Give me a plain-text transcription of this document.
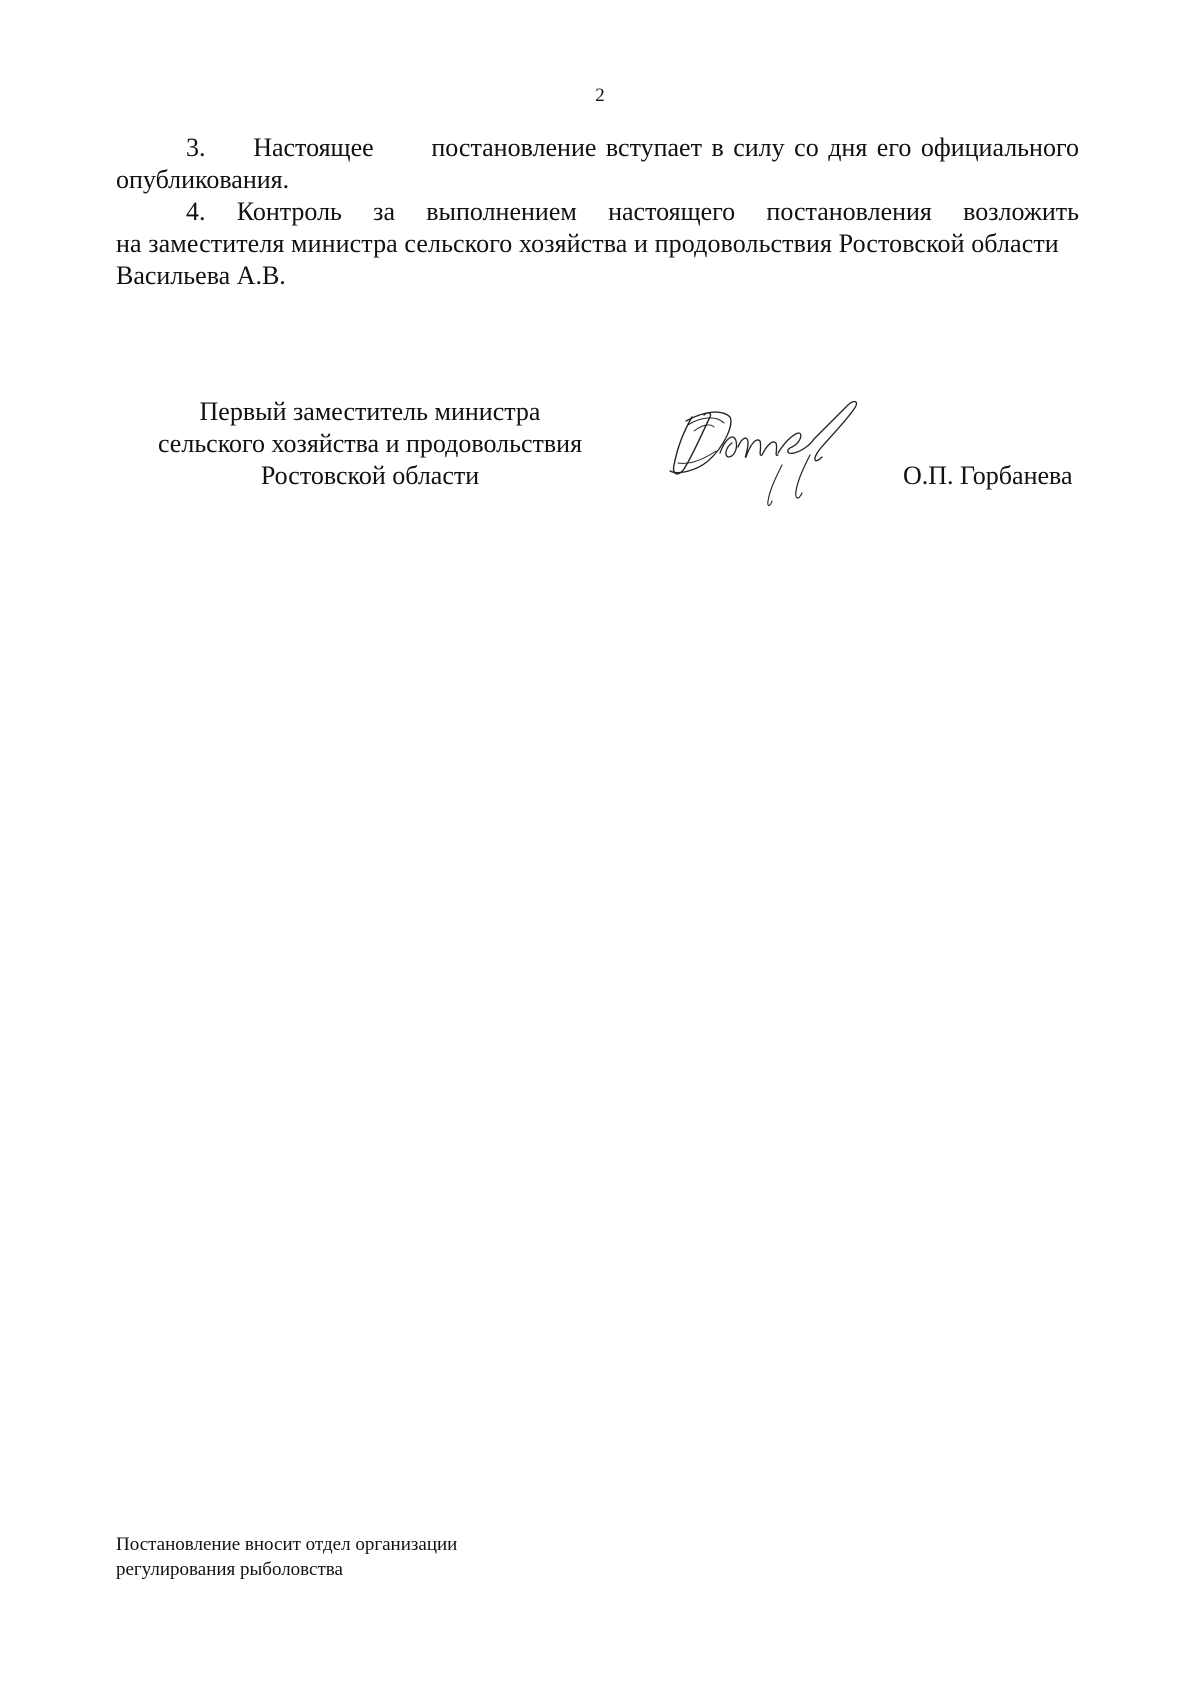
2
3. Настоящее постановление вступает в силу со дня его официального
опубликования.
4. Контроль за выполнением настоящего постановления возложить
на заместителя министра сельского хозяйства и продовольствия Ростовской области
Васильева А.В.
Первый заместитель министра
сельского хозяйства и продовольствия
Ростовской области	О.П. Горбанева
Постановление вносит отдел организации
регулирования рыболовства
